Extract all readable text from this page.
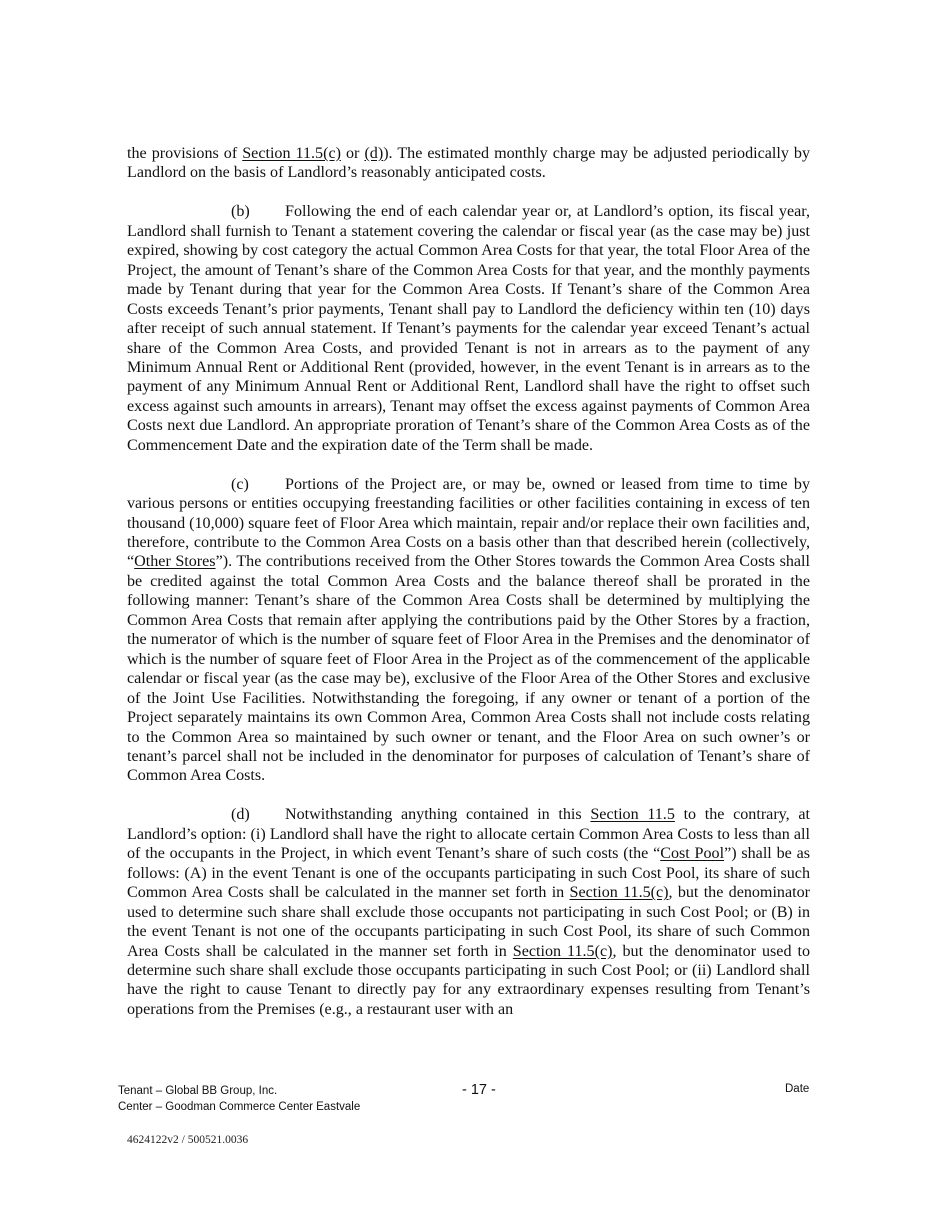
the provisions of Section 11.5(c) or (d)). The estimated monthly charge may be adjusted periodically by Landlord on the basis of Landlord’s reasonably anticipated costs.

(b) Following the end of each calendar year or, at Landlord’s option, its fiscal year, Landlord shall furnish to Tenant a statement covering the calendar or fiscal year (as the case may be) just expired, showing by cost category the actual Common Area Costs for that year, the total Floor Area of the Project, the amount of Tenant’s share of the Common Area Costs for that year, and the monthly payments made by Tenant during that year for the Common Area Costs. If Tenant’s share of the Common Area Costs exceeds Tenant’s prior payments, Tenant shall pay to Landlord the deficiency within ten (10) days after receipt of such annual statement. If Tenant’s payments for the calendar year exceed Tenant’s actual share of the Common Area Costs, and provided Tenant is not in arrears as to the payment of any Minimum Annual Rent or Additional Rent (provided, however, in the event Tenant is in arrears as to the payment of any Minimum Annual Rent or Additional Rent, Landlord shall have the right to offset such excess against such amounts in arrears), Tenant may offset the excess against payments of Common Area Costs next due Landlord. An appropriate proration of Tenant’s share of the Common Area Costs as of the Commencement Date and the expiration date of the Term shall be made.

(c) Portions of the Project are, or may be, owned or leased from time to time by various persons or entities occupying freestanding facilities or other facilities containing in excess of ten thousand (10,000) square feet of Floor Area which maintain, repair and/or replace their own facilities and, therefore, contribute to the Common Area Costs on a basis other than that described herein (collectively, “Other Stores”). The contributions received from the Other Stores towards the Common Area Costs shall be credited against the total Common Area Costs and the balance thereof shall be prorated in the following manner: Tenant’s share of the Common Area Costs shall be determined by multiplying the Common Area Costs that remain after applying the contributions paid by the Other Stores by a fraction, the numerator of which is the number of square feet of Floor Area in the Premises and the denominator of which is the number of square feet of Floor Area in the Project as of the commencement of the applicable calendar or fiscal year (as the case may be), exclusive of the Floor Area of the Other Stores and exclusive of the Joint Use Facilities. Notwithstanding the foregoing, if any owner or tenant of a portion of the Project separately maintains its own Common Area, Common Area Costs shall not include costs relating to the Common Area so maintained by such owner or tenant, and the Floor Area on such owner’s or tenant’s parcel shall not be included in the denominator for purposes of calculation of Tenant’s share of Common Area Costs.

(d) Notwithstanding anything contained in this Section 11.5 to the contrary, at Landlord’s option: (i) Landlord shall have the right to allocate certain Common Area Costs to less than all of the occupants in the Project, in which event Tenant’s share of such costs (the “Cost Pool”) shall be as follows: (A) in the event Tenant is one of the occupants participating in such Cost Pool, its share of such Common Area Costs shall be calculated in the manner set forth in Section 11.5(c), but the denominator used to determine such share shall exclude those occupants not participating in such Cost Pool; or (B) in the event Tenant is not one of the occupants participating in such Cost Pool, its share of such Common Area Costs shall be calculated in the manner set forth in Section 11.5(c), but the denominator used to determine such share shall exclude those occupants participating in such Cost Pool; or (ii) Landlord shall have the right to cause Tenant to directly pay for any extraordinary expenses resulting from Tenant’s operations from the Premises (e.g., a restaurant user with an

Tenant – Global BB Group, Inc.
Center – Goodman Commerce Center Eastvale
- 17 -	Date
4624122v2 / 500521.0036
